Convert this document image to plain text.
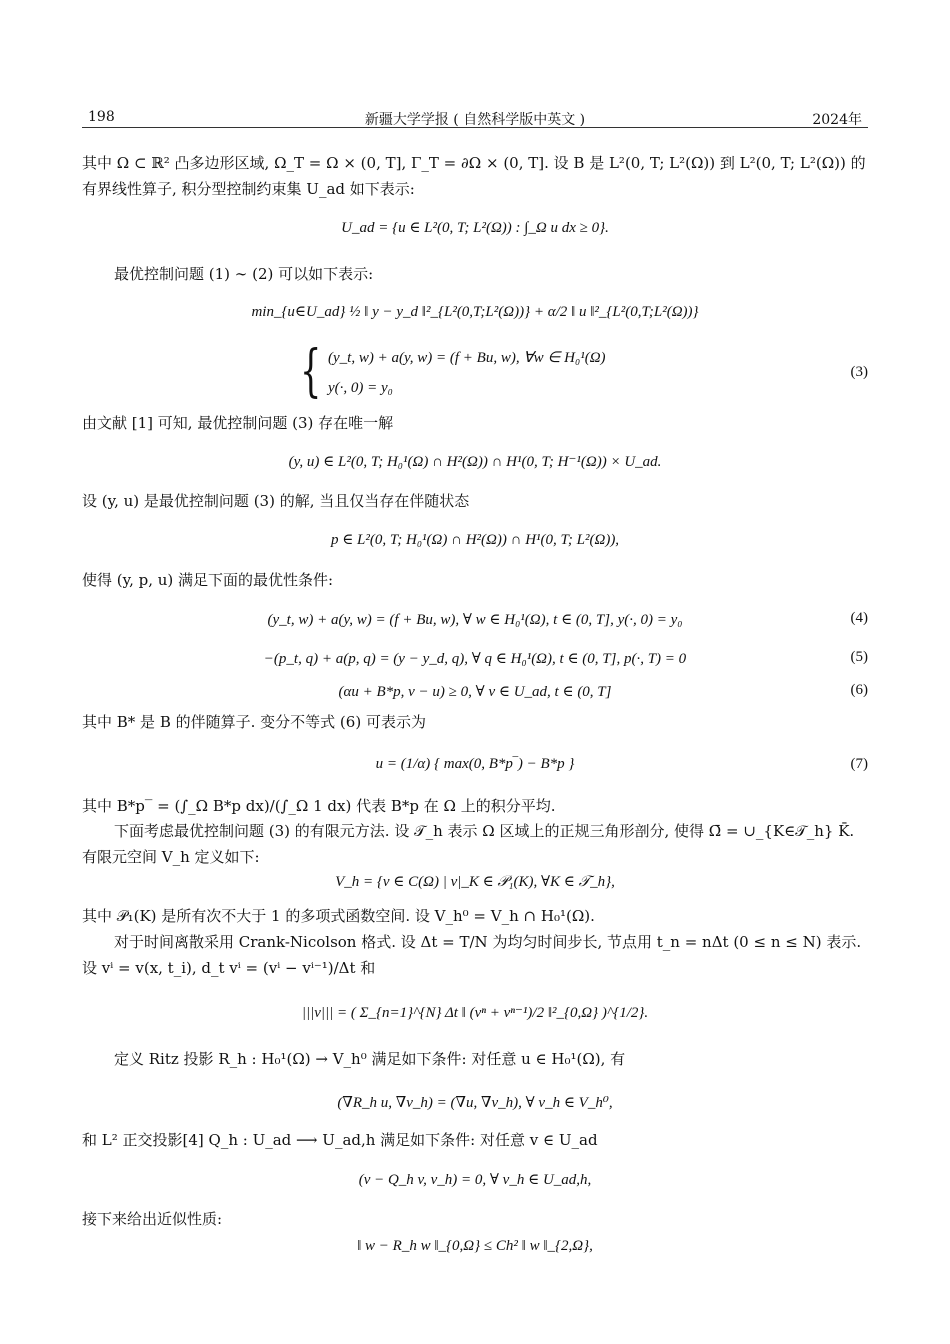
198	新疆大学学报 ( 自然科学版中英文 )	2024年
其中 Ω ⊂ ℝ² 凸多边形区域, Ω_T = Ω × (0, T], Γ_T = ∂Ω × (0, T]. 设 B 是 L²(0, T; L²(Ω)) 到 L²(0, T; L²(Ω)) 的有界线性算子, 积分型控制约束集 U_ad 如下表示:
U_ad = {u ∈ L²(0, T; L²(Ω)) : ∫_Ω u dx ≥ 0}.
最优控制问题 (1) ∼ (2) 可以如下表示:
min_{u∈U_ad} ½ ‖ y − y_d ‖²_{L²(0,T;L²(Ω))} + α/2 ‖ u ‖²_{L²(0,T;L²(Ω))}
{ (y_t, w) + a(y, w) = (f + Bu, w), ∀w ∈ H₀¹(Ω)
y(·, 0) = y₀
(3)
由文献 [1] 可知, 最优控制问题 (3) 存在唯一解
(y, u) ∈ L²(0, T; H₀¹(Ω) ∩ H²(Ω)) ∩ H¹(0, T; H⁻¹(Ω)) × U_ad.
设 (y, u) 是最优控制问题 (3) 的解, 当且仅当存在伴随状态
p ∈ L²(0, T; H₀¹(Ω) ∩ H²(Ω)) ∩ H¹(0, T; L²(Ω)),
使得 (y, p, u) 满足下面的最优性条件:
(y_t, w) + a(y, w) = (f + Bu, w), ∀ w ∈ H₀¹(Ω), t ∈ (0, T], y(·, 0) = y₀	(4)
−(p_t, q) + a(p, q) = (y − y_d, q), ∀ q ∈ H₀¹(Ω), t ∈ (0, T], p(·, T) = 0	(5)
(αu + B*p, v − u) ≥ 0, ∀ v ∈ U_ad, t ∈ (0, T]	(6)
其中 B* 是 B 的伴随算子. 变分不等式 (6) 可表示为
u = (1/α) { max(0, B*p‾) − B*p }	(7)
其中 B*p‾ = (∫_Ω B*p dx)/(∫_Ω 1 dx) 代表 B*p 在 Ω 上的积分平均.
下面考虑最优控制问题 (3) 的有限元方法. 设 𝒯_h 表示 Ω 区域上的正规三角形剖分, 使得 Ω̄ = ∪_{K∈𝒯_h} K̄. 有限元空间 V_h 定义如下:
V_h = {v ∈ C(Ω) | v|_K ∈ 𝒫₁(K), ∀K ∈ 𝒯_h},
其中 𝒫₁(K) 是所有次不大于 1 的多项式函数空间. 设 V_h⁰ = V_h ∩ H₀¹(Ω).
对于时间离散采用 Crank-Nicolson 格式. 设 Δt = T/N 为均匀时间步长, 节点用 t_n = nΔt (0 ≤ n ≤ N) 表示. 设 vⁱ = v(x, t_i), d_t vⁱ = (vⁱ − vⁱ⁻¹)/Δt 和
|||v||| = ( Σ_{n=1}^{N} Δt ‖ (vⁿ + vⁿ⁻¹)/2 ‖²_{0,Ω} )^{1/2}.
定义 Ritz 投影 R_h : H₀¹(Ω) → V_h⁰ 满足如下条件: 对任意 u ∈ H₀¹(Ω), 有
(∇R_h u, ∇v_h) = (∇u, ∇v_h), ∀ v_h ∈ V_h⁰,
和 L² 正交投影[4] Q_h : U_ad ⟶ U_ad,h 满足如下条件: 对任意 v ∈ U_ad
(v − Q_h v, v_h) = 0, ∀ v_h ∈ U_ad,h,
接下来给出近似性质:
‖ w − R_h w ‖_{0,Ω} ≤ Ch² ‖ w ‖_{2,Ω},
